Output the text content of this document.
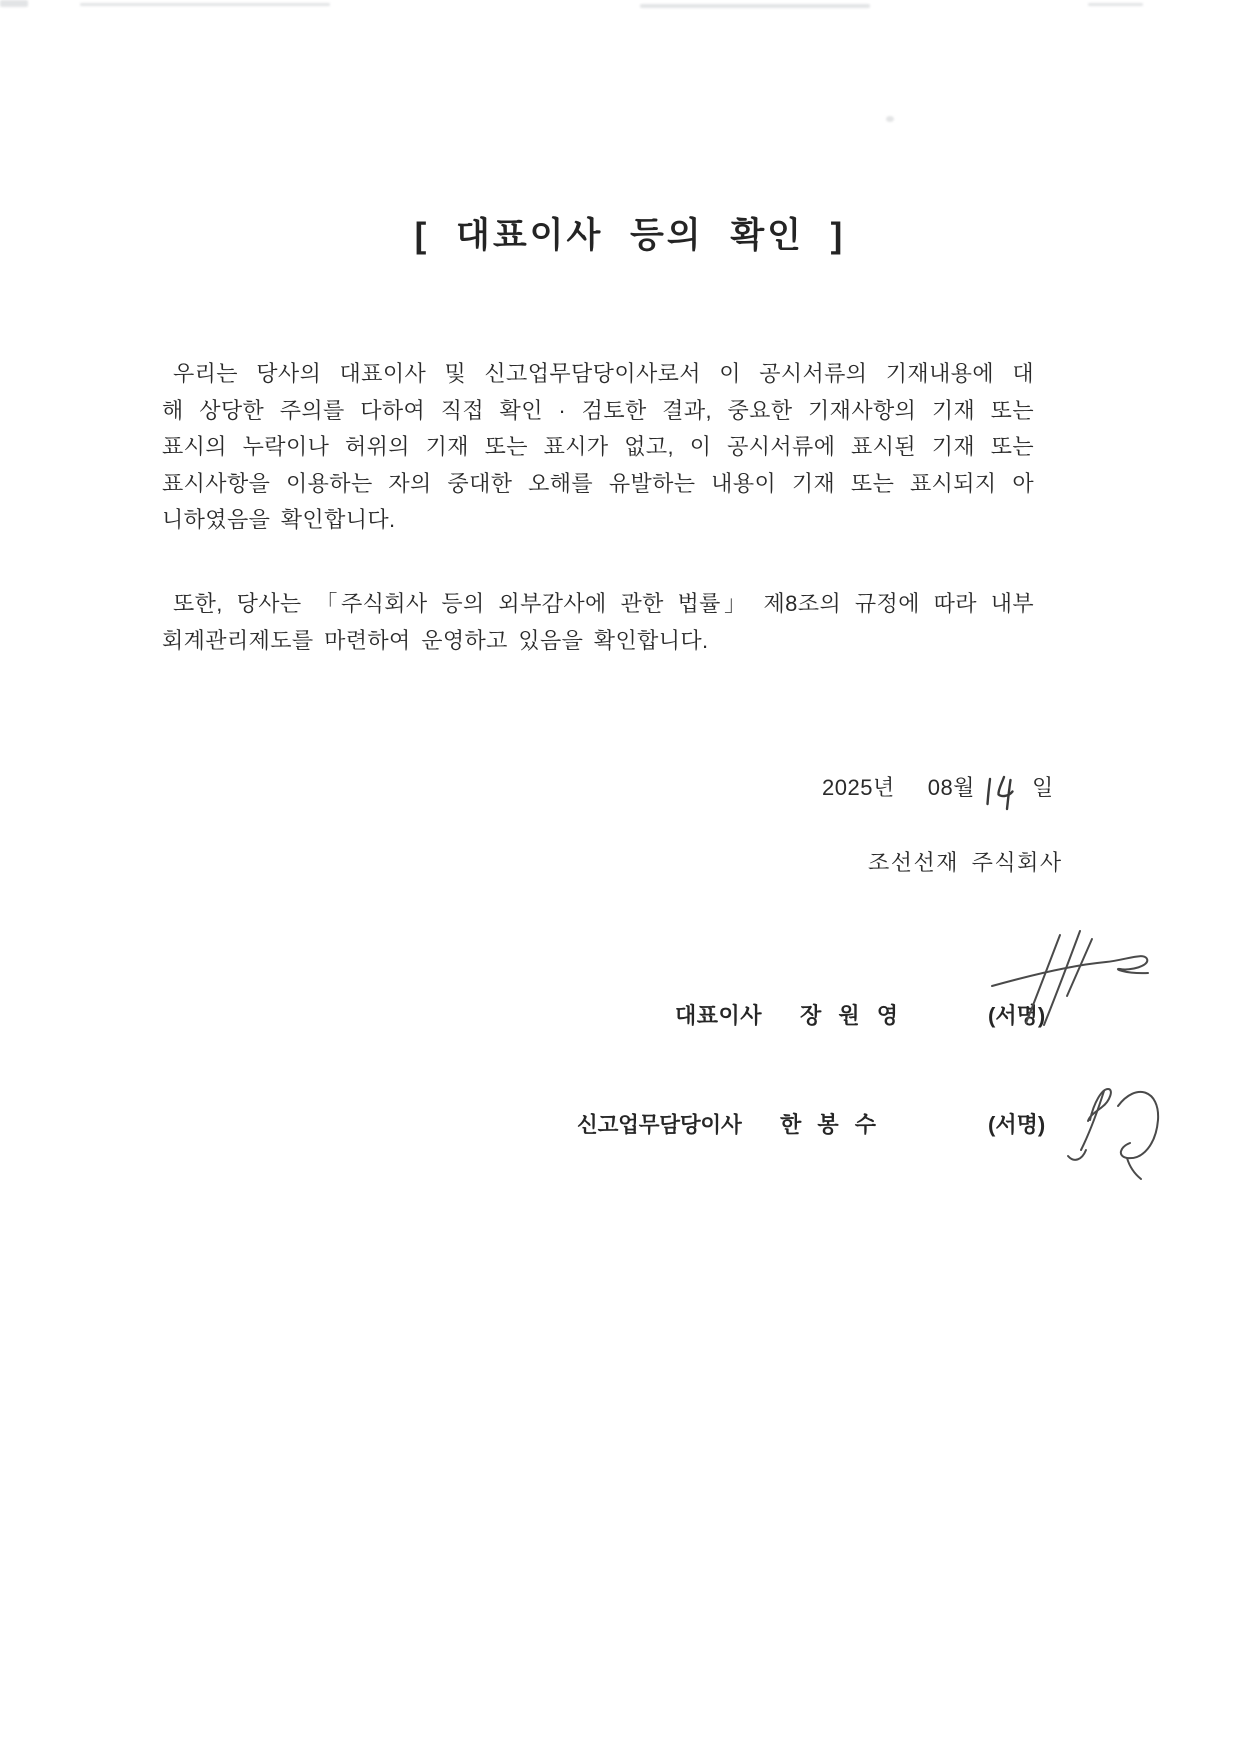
[ 대표이사 등의 확인 ]
우리는 당사의 대표이사 및 신고업무담당이사로서 이 공시서류의 기재내용에 대
해 상당한 주의를 다하여 직접 확인 · 검토한 결과, 중요한 기재사항의 기재 또는
표시의 누락이나 허위의 기재 또는 표시가 없고, 이 공시서류에 표시된 기재 또는
표시사항을 이용하는 자의 중대한 오해를 유발하는 내용이 기재 또는 표시되지 아
니하였음을 확인합니다.
또한, 당사는 「주식회사 등의 외부감사에 관한 법률」 제8조의 규정에 따라 내부
회계관리제도를 마련하여 운영하고 있음을 확인합니다.
2025년 08월	일
조선선재 주식회사
대표이사 장 원 영	(서명)
신고업무담당이사 한 봉 수	(서명)
